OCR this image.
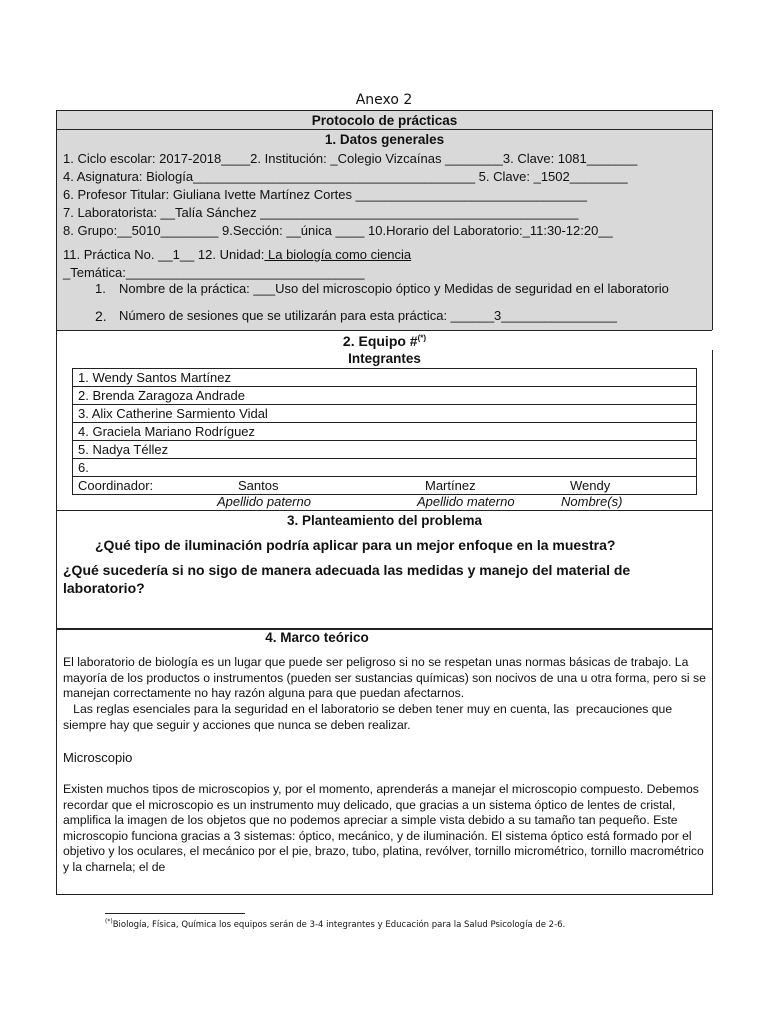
Anexo 2
Protocolo de prácticas
1. Datos generales
1. Ciclo escolar: 2017-2018____2. Institución: _Colegio Vizcaínas ________3. Clave: 1081_______
4. Asignatura: Biología_______________________________________ 5. Clave: _1502________
6. Profesor Titular: Giuliana Ivette Martínez Cortes ________________________________
7. Laboratorista: __Talía Sánchez ____________________________________________
8. Grupo:__5010________ 9.Sección: __única ____ 10.Horario del Laboratorio:_11:30-12:20__
11. Práctica No. __1__ 12. Unidad: La biología como ciencia
_Temática:_________________________________
1. Nombre de la práctica: ___Uso del microscopio óptico y Medidas de seguridad en el laboratorio
2. Número de sesiones que se utilizarán para esta práctica: ______3________________
2. Equipo #(*)
Integrantes
1. Wendy Santos Martínez
2. Brenda Zaragoza Andrade
3. Alix Catherine Sarmiento Vidal
4. Graciela Mariano Rodríguez
5. Nadya Téllez
6.
Coordinador:	Santos	Martínez	Wendy
Apellido paterno	Apellido materno	Nombre(s)
3. Planteamiento del problema
¿Qué tipo de iluminación podría aplicar para un mejor enfoque en la muestra?
¿Qué sucedería si no sigo de manera adecuada las medidas y manejo del material de laboratorio?
4. Marco teórico
El laboratorio de biología es un lugar que puede ser peligroso si no se respetan unas normas básicas de trabajo. La mayoría de los productos o instrumentos (pueden ser sustancias químicas) son nocivos de una u otra forma, pero si se manejan correctamente no hay razón alguna para que puedan afectarnos.
Las reglas esenciales para la seguridad en el laboratorio se deben tener muy en cuenta, las  precauciones que siempre hay que seguir y acciones que nunca se deben realizar.
Microscopio
Existen muchos tipos de microscopios y, por el momento, aprenderás a manejar el microscopio compuesto. Debemos recordar que el microscopio es un instrumento muy delicado, que gracias a un sistema óptico de lentes de cristal, amplifica la imagen de los objetos que no podemos apreciar a simple vista debido a su tamaño tan pequeño. Este microscopio funciona gracias a 3 sistemas: óptico, mecánico, y de iluminación. El sistema óptico está formado por el objetivo y los oculares, el mecánico por el pie, brazo, tubo, platina, revólver, tornillo micrométrico, tornillo macrométrico y la charnela; el de
(*)Biología, Física, Química los equipos serán de 3-4 integrantes y Educación para la Salud Psicología de 2-6.
